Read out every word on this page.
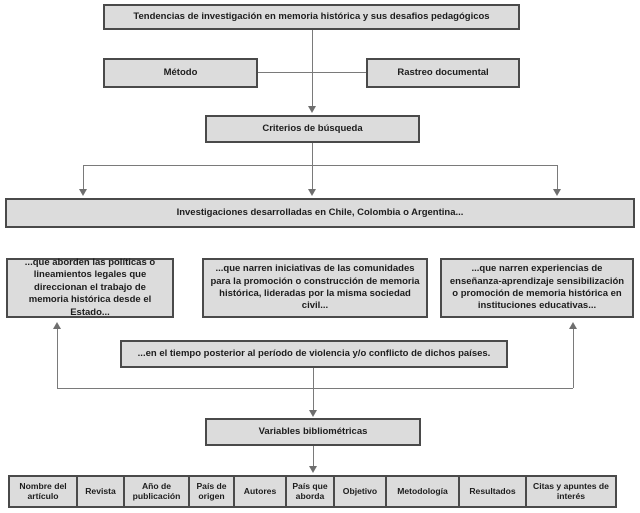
Tendencias de investigación en memoria histórica y sus desafios pedagógicos
Método	Rastreo documental
Criterios de búsqueda
Investigaciones desarrolladas en Chile, Colombia o Argentina...
...que aborden las políticas o lineamientos legales que direccionan el trabajo de memoria histórica desde el Estado...
...que narren iniciativas de las comunidades para la promoción o construcción de memoria histórica, lideradas por la misma sociedad civil...
...que narren experiencias de enseñanza-aprendizaje sensibilización o promoción de memoria histórica en instituciones educativas...
...en el tiempo posterior al período de violencia y/o conflicto de dichos países.
Variables bibliométricas
Nombre del artículo	Revista	Año de publicación
País de origen	Autores	País que aborda	Objetivo	Metodología	Resultados	Citas y apuntes de interés
